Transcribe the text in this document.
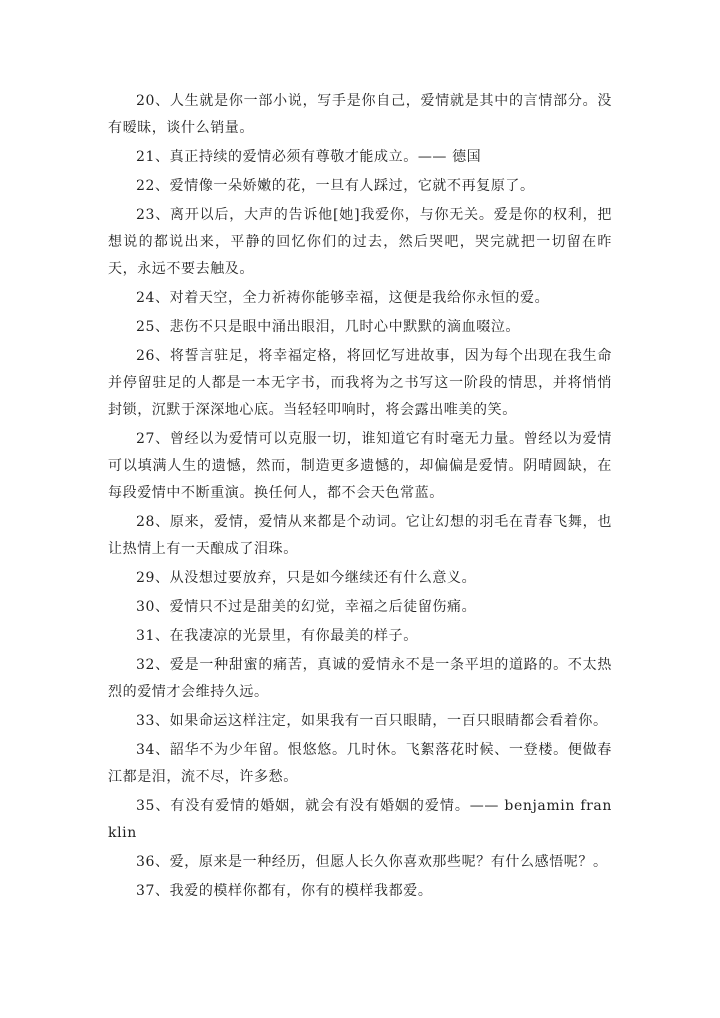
20、人生就是你一部小说，写手是你自己，爱情就是其中的言情部分。没有暧昧，谈什么销量。

21、真正持续的爱情必须有尊敬才能成立。—— 德国

22、爱情像一朵娇嫩的花，一旦有人踩过，它就不再复原了。

23、离开以后，大声的告诉他[她]我爱你，与你无关。爱是你的权利，把想说的都说出来，平静的回忆你们的过去，然后哭吧，哭完就把一切留在昨天，永远不要去触及。

24、对着天空，全力祈祷你能够幸福，这便是我给你永恒的爱。

25、悲伤不只是眼中涌出眼泪，几时心中默默的滴血啜泣。

26、将誓言驻足，将幸福定格，将回忆写进故事，因为每个出现在我生命并停留驻足的人都是一本无字书，而我将为之书写这一阶段的情思，并将悄悄封锁，沉默于深深地心底。当轻轻叩响时，将会露出唯美的笑。

27、曾经以为爱情可以克服一切，谁知道它有时毫无力量。曾经以为爱情可以填满人生的遗憾，然而，制造更多遗憾的，却偏偏是爱情。阴晴圆缺，在每段爱情中不断重演。换任何人，都不会天色常蓝。

28、原来，爱情，爱情从来都是个动词。它让幻想的羽毛在青春飞舞，也让热情上有一天酿成了泪珠。

29、从没想过要放弃，只是如今继续还有什么意义。

30、爱情只不过是甜美的幻觉，幸福之后徒留伤痛。

31、在我凄凉的光景里，有你最美的样子。

32、爱是一种甜蜜的痛苦，真诚的爱情永不是一条平坦的道路的。不太热烈的爱情才会维持久远。

33、如果命运这样注定，如果我有一百只眼睛，一百只眼睛都会看着你。

34、韶华不为少年留。恨悠悠。几时休。飞絮落花时候、一登楼。便做春江都是泪，流不尽，许多愁。

35、有没有爱情的婚姻，就会有没有婚姻的爱情。—— benjamin franklin

36、爱，原来是一种经历，但愿人长久你喜欢那些呢？有什么感悟呢？。

37、我爱的模样你都有，你有的模样我都爱。
